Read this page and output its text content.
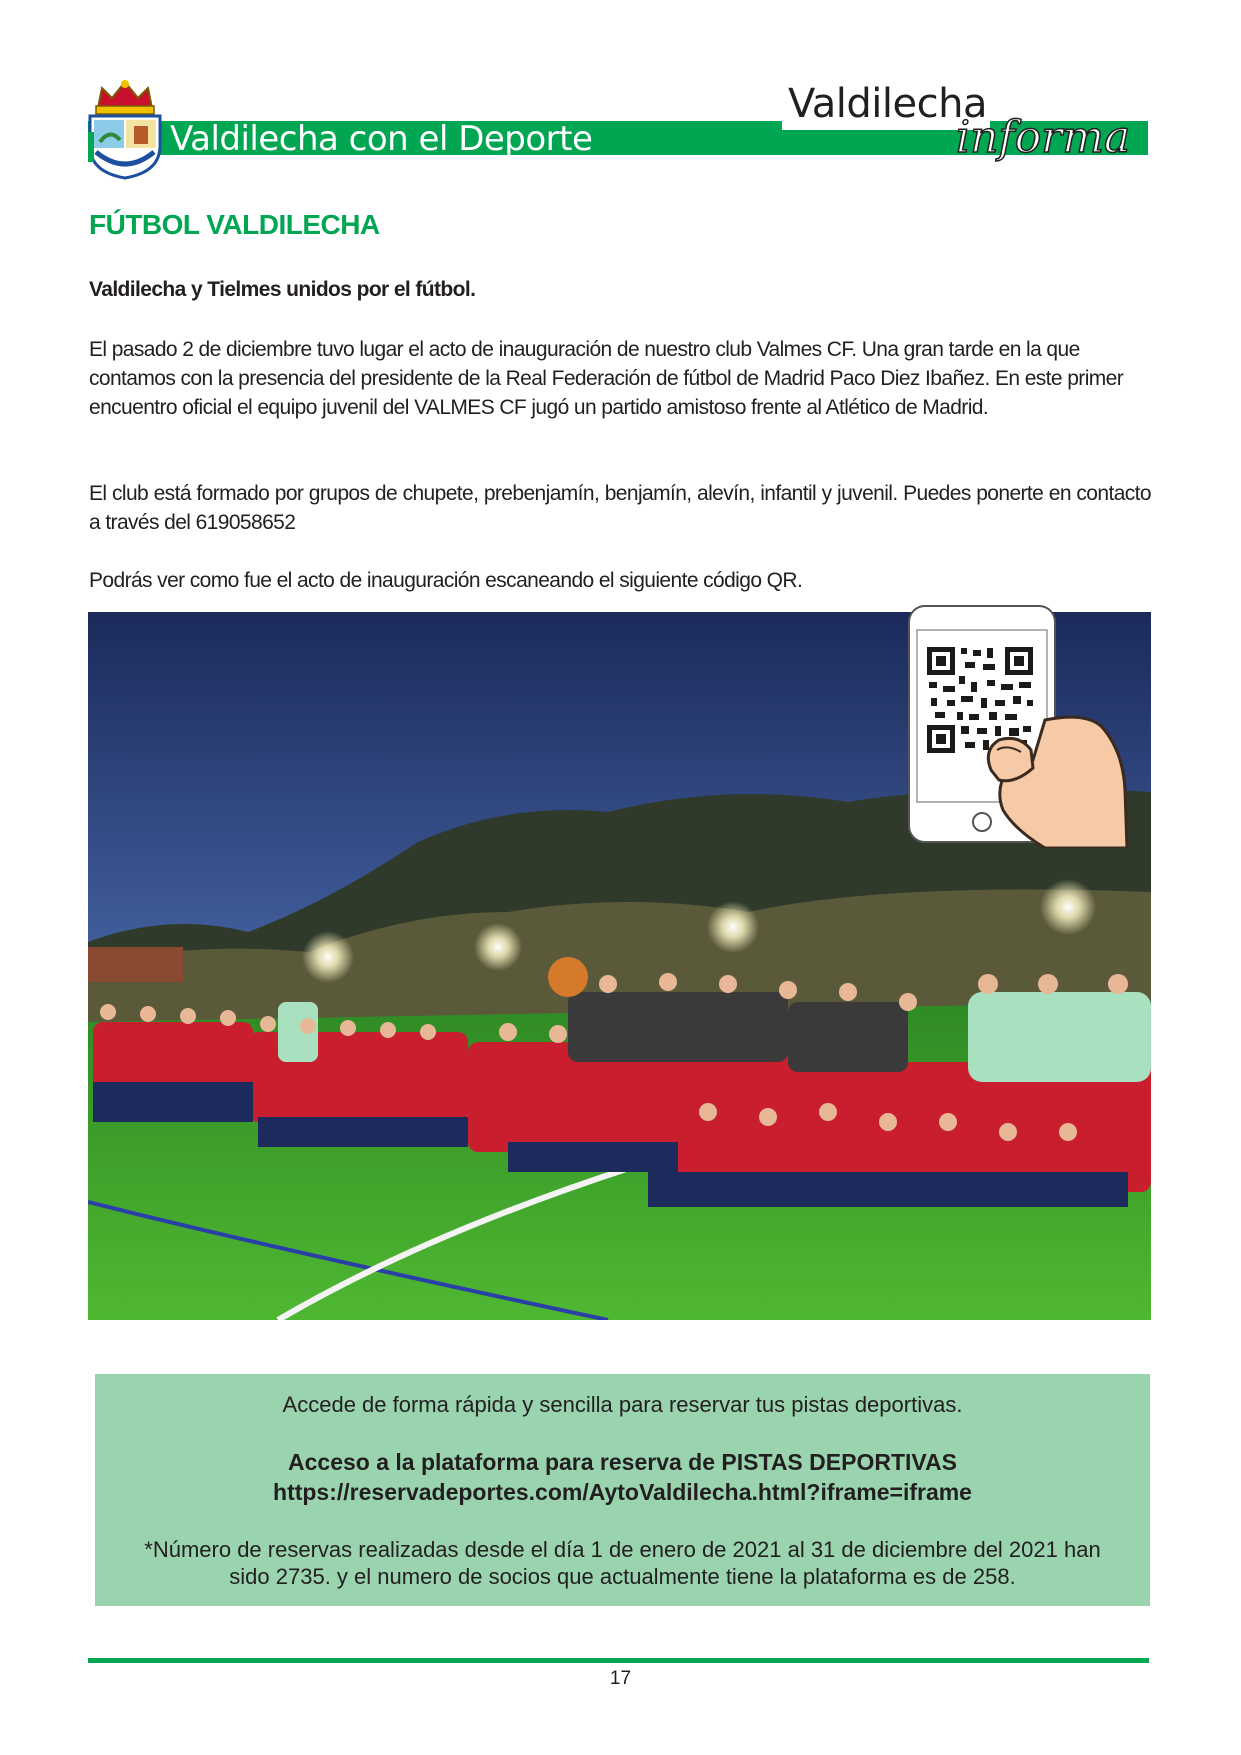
Valdilecha con el Deporte
Valdilecha
informa
FÚTBOL VALDILECHA
Valdilecha y Tielmes unidos por el fútbol.

El pasado 2 de diciembre tuvo lugar el acto de inauguración de nuestro club Valmes CF. Una gran tarde en la que contamos con la presencia del presidente de la Real Federación de fútbol de Madrid Paco Diez Ibañez. En este primer encuentro oficial el equipo juvenil del VALMES CF jugó un partido amistoso frente al Atlético de Madrid.

El club está formado por grupos de chupete, prebenjamín, benjamín, alevín, infantil y juvenil. Puedes ponerte en contacto a través del 619058652

Podrás ver como fue el acto de inauguración escaneando el siguiente código QR.

Accede de forma rápida y sencilla para reservar tus pistas deportivas.
Acceso a la plataforma para reserva de PISTAS DEPORTIVAS
https://reservadeportes.com/AytoValdilecha.html?iframe=iframe
*Número de reservas realizadas desde el día 1 de enero de 2021 al 31 de diciembre del 2021 han sido 2735. y el numero de socios que actualmente tiene la plataforma es de 258.
17
